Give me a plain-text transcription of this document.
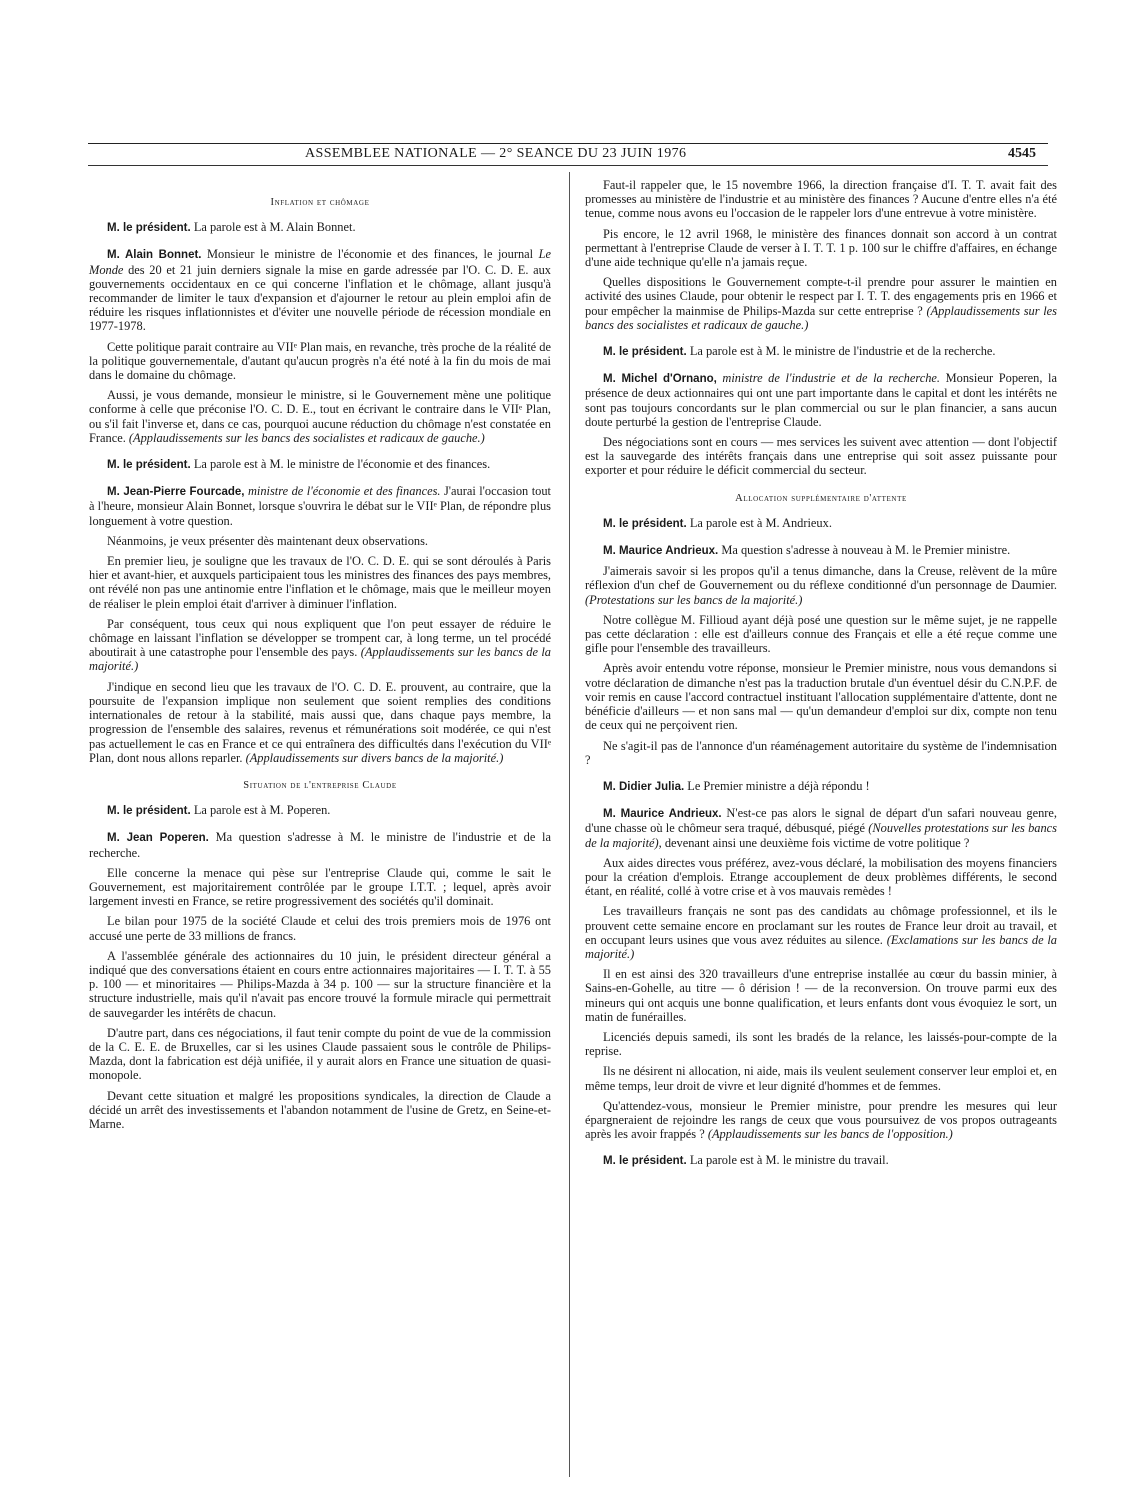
ASSEMBLEE NATIONALE — 2° SEANCE DU 23 JUIN 1976	4545
Inflation et chômage

M. le président. La parole est à M. Alain Bonnet.

M. Alain Bonnet. Monsieur le ministre de l'économie et des finances, le journal Le Monde des 20 et 21 juin derniers signale la mise en garde adressée par l'O. C. D. E. aux gouvernements occidentaux en ce qui concerne l'inflation et le chômage, allant jusqu'à recommander de limiter le taux d'expansion et d'ajourner le retour au plein emploi afin de réduire les risques inflationnistes et d'éviter une nouvelle période de récession mondiale en 1977-1978.

Cette politique parait contraire au VIIᵉ Plan mais, en revanche, très proche de la réalité de la politique gouvernementale, d'autant qu'aucun progrès n'a été noté à la fin du mois de mai dans le domaine du chômage.

Aussi, je vous demande, monsieur le ministre, si le Gouvernement mène une politique conforme à celle que préconise l'O. C. D. E., tout en écrivant le contraire dans le VIIᵉ Plan, ou s'il fait l'inverse et, dans ce cas, pourquoi aucune réduction du chômage n'est constatée en France. (Applaudissements sur les bancs des socialistes et radicaux de gauche.)

M. le président. La parole est à M. le ministre de l'économie et des finances.

M. Jean-Pierre Fourcade, ministre de l'économie et des finances. J'aurai l'occasion tout à l'heure, monsieur Alain Bonnet, lorsque s'ouvrira le débat sur le VIIᵉ Plan, de répondre plus longuement à votre question.

Néanmoins, je veux présenter dès maintenant deux observations.

En premier lieu, je souligne que les travaux de l'O. C. D. E. qui se sont déroulés à Paris hier et avant-hier, et auxquels participaient tous les ministres des finances des pays membres, ont révélé non pas une antinomie entre l'inflation et le chômage, mais que le meilleur moyen de réaliser le plein emploi était d'arriver à diminuer l'inflation.

Par conséquent, tous ceux qui nous expliquent que l'on peut essayer de réduire le chômage en laissant l'inflation se développer se trompent car, à long terme, un tel procédé aboutirait à une catastrophe pour l'ensemble des pays. (Applaudissements sur les bancs de la majorité.)

J'indique en second lieu que les travaux de l'O. C. D. E. prouvent, au contraire, que la poursuite de l'expansion implique non seulement que soient remplies des conditions internationales de retour à la stabilité, mais aussi que, dans chaque pays membre, la progression de l'ensemble des salaires, revenus et rémunérations soit modérée, ce qui n'est pas actuellement le cas en France et ce qui entraînera des difficultés dans l'exécution du VIIᵉ Plan, dont nous allons reparler. (Applaudissements sur divers bancs de la majorité.)

Situation de l'entreprise Claude

M. le président. La parole est à M. Poperen.

M. Jean Poperen. Ma question s'adresse à M. le ministre de l'industrie et de la recherche.

Elle concerne la menace qui pèse sur l'entreprise Claude qui, comme le sait le Gouvernement, est majoritairement contrôlée par le groupe I.T.T. ; lequel, après avoir largement investi en France, se retire progressivement des sociétés qu'il dominait.

Le bilan pour 1975 de la société Claude et celui des trois premiers mois de 1976 ont accusé une perte de 33 millions de francs.

A l'assemblée générale des actionnaires du 10 juin, le président directeur général a indiqué que des conversations étaient en cours entre actionnaires majoritaires — I. T. T. à 55 p. 100 — et minoritaires — Philips-Mazda à 34 p. 100 — sur la structure financière et la structure industrielle, mais qu'il n'avait pas encore trouvé la formule miracle qui permettrait de sauvegarder les intérêts de chacun.

D'autre part, dans ces négociations, il faut tenir compte du point de vue de la commission de la C. E. E. de Bruxelles, car si les usines Claude passaient sous le contrôle de Philips-Mazda, dont la fabrication est déjà unifiée, il y aurait alors en France une situation de quasi-monopole.

Devant cette situation et malgré les propositions syndicales, la direction de Claude a décidé un arrêt des investissements et l'abandon notamment de l'usine de Gretz, en Seine-et-Marne.

Faut-il rappeler que, le 15 novembre 1966, la direction française d'I. T. T. avait fait des promesses au ministère de l'industrie et au ministère des finances ? Aucune d'entre elles n'a été tenue, comme nous avons eu l'occasion de le rappeler lors d'une entrevue à votre ministère.

Pis encore, le 12 avril 1968, le ministère des finances donnait son accord à un contrat permettant à l'entreprise Claude de verser à I. T. T. 1 p. 100 sur le chiffre d'affaires, en échange d'une aide technique qu'elle n'a jamais reçue.

Quelles dispositions le Gouvernement compte-t-il prendre pour assurer le maintien en activité des usines Claude, pour obtenir le respect par I. T. T. des engagements pris en 1966 et pour empêcher la mainmise de Philips-Mazda sur cette entreprise ? (Applaudissements sur les bancs des socialistes et radicaux de gauche.)

M. le président. La parole est à M. le ministre de l'industrie et de la recherche.

M. Michel d'Ornano, ministre de l'industrie et de la recherche. Monsieur Poperen, la présence de deux actionnaires qui ont une part importante dans le capital et dont les intérêts ne sont pas toujours concordants sur le plan commercial ou sur le plan financier, a sans aucun doute perturbé la gestion de l'entreprise Claude.

Des négociations sont en cours — mes services les suivent avec attention — dont l'objectif est la sauvegarde des intérêts français dans une entreprise qui soit assez puissante pour exporter et pour réduire le déficit commercial du secteur.

Allocation supplémentaire d'attente

M. le président. La parole est à M. Andrieux.

M. Maurice Andrieux. Ma question s'adresse à nouveau à M. le Premier ministre.

J'aimerais savoir si les propos qu'il a tenus dimanche, dans la Creuse, relèvent de la mûre réflexion d'un chef de Gouvernement ou du réflexe conditionné d'un personnage de Daumier. (Protestations sur les bancs de la majorité.)

Notre collègue M. Fillioud ayant déjà posé une question sur le même sujet, je ne rappelle pas cette déclaration : elle est d'ailleurs connue des Français et elle a été reçue comme une gifle pour l'ensemble des travailleurs.

Après avoir entendu votre réponse, monsieur le Premier ministre, nous vous demandons si votre déclaration de dimanche n'est pas la traduction brutale d'un éventuel désir du C.N.P.F. de voir remis en cause l'accord contractuel instituant l'allocation supplémentaire d'attente, dont ne bénéficie d'ailleurs — et non sans mal — qu'un demandeur d'emploi sur dix, compte non tenu de ceux qui ne perçoivent rien.

Ne s'agit-il pas de l'annonce d'un réaménagement autoritaire du système de l'indemnisation ?

M. Didier Julia. Le Premier ministre a déjà répondu !

M. Maurice Andrieux. N'est-ce pas alors le signal de départ d'un safari nouveau genre, d'une chasse où le chômeur sera traqué, débusqué, piégé (Nouvelles protestations sur les bancs de la majorité), devenant ainsi une deuxième fois victime de votre politique ?

Aux aides directes vous préférez, avez-vous déclaré, la mobilisation des moyens financiers pour la création d'emplois. Etrange accouplement de deux problèmes différents, le second étant, en réalité, collé à votre crise et à vos mauvais remèdes !

Les travailleurs français ne sont pas des candidats au chômage professionnel, et ils le prouvent cette semaine encore en proclamant sur les routes de France leur droit au travail, et en occupant leurs usines que vous avez réduites au silence. (Exclamations sur les bancs de la majorité.)

Il en est ainsi des 320 travailleurs d'une entreprise installée au cœur du bassin minier, à Sains-en-Gohelle, au titre — ô dérision ! — de la reconversion. On trouve parmi eux des mineurs qui ont acquis une bonne qualification, et leurs enfants dont vous évoquiez le sort, un matin de funérailles.

Licenciés depuis samedi, ils sont les bradés de la relance, les laissés-pour-compte de la reprise.

Ils ne désirent ni allocation, ni aide, mais ils veulent seulement conserver leur emploi et, en même temps, leur droit de vivre et leur dignité d'hommes et de femmes.

Qu'attendez-vous, monsieur le Premier ministre, pour prendre les mesures qui leur épargneraient de rejoindre les rangs de ceux que vous poursuivez de vos propos outrageants après les avoir frappés ? (Applaudissements sur les bancs de l'opposition.)

M. le président. La parole est à M. le ministre du travail.
